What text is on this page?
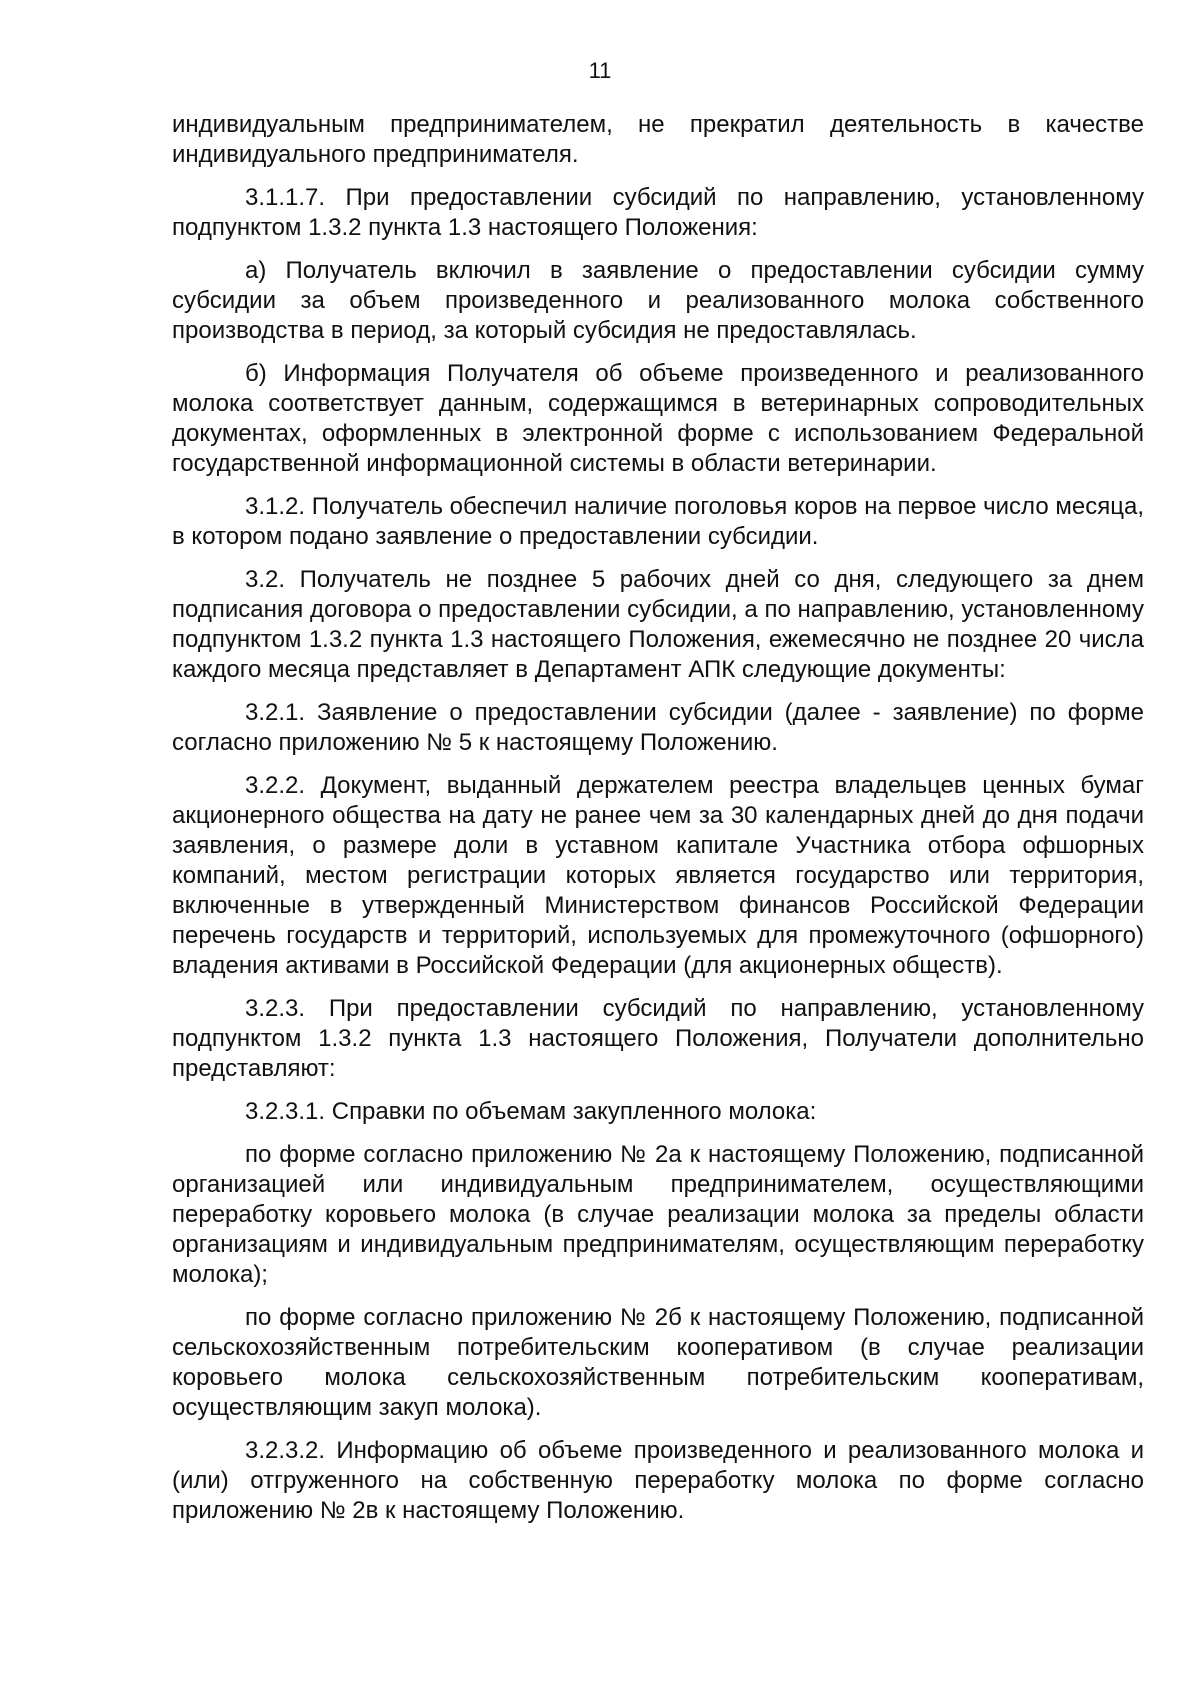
11

индивидуальным предпринимателем, не прекратил деятельность в качестве индивидуального предпринимателя.

3.1.1.7. При предоставлении субсидий по направлению, установленному подпунктом 1.3.2 пункта 1.3 настоящего Положения:

а) Получатель включил в заявление о предоставлении субсидии сумму субсидии за объем произведенного и реализованного молока собственного производства в период, за который субсидия не предоставлялась.

б) Информация Получателя об объеме произведенного и реализованного молока соответствует данным, содержащимся в ветеринарных сопроводительных документах, оформленных в электронной форме с использованием Федеральной государственной информационной системы в области ветеринарии.

3.1.2. Получатель обеспечил наличие поголовья коров на первое число месяца, в котором подано заявление о предоставлении субсидии.

3.2. Получатель не позднее 5 рабочих дней со дня, следующего за днем подписания договора о предоставлении субсидии, а по направлению, установленному подпунктом 1.3.2 пункта 1.3 настоящего Положения, ежемесячно не позднее 20 числа каждого месяца представляет в Департамент АПК следующие документы:

3.2.1. Заявление о предоставлении субсидии (далее - заявление) по форме согласно приложению № 5 к настоящему Положению.

3.2.2. Документ, выданный держателем реестра владельцев ценных бумаг акционерного общества на дату не ранее чем за 30 календарных дней до дня подачи заявления, о размере доли в уставном капитале Участника отбора офшорных компаний, местом регистрации которых является государство или территория, включенные в утвержденный Министерством финансов Российской Федерации перечень государств и территорий, используемых для промежуточного (офшорного) владения активами в Российской Федерации (для акционерных обществ).

3.2.3. При предоставлении субсидий по направлению, установленному подпунктом 1.3.2 пункта 1.3 настоящего Положения, Получатели дополнительно представляют:

3.2.3.1. Справки по объемам закупленного молока:

по форме согласно приложению № 2а к настоящему Положению, подписанной организацией или индивидуальным предпринимателем, осуществляющими переработку коровьего молока (в случае реализации молока за пределы области организациям и индивидуальным предпринимателям, осуществляющим переработку молока);

по форме согласно приложению № 2б к настоящему Положению, подписанной сельскохозяйственным потребительским кооперативом (в случае реализации коровьего молока сельскохозяйственным потребительским кооперативам, осуществляющим закуп молока).

3.2.3.2. Информацию об объеме произведенного и реализованного молока и (или) отгруженного на собственную переработку молока по форме согласно приложению № 2в к настоящему Положению.
